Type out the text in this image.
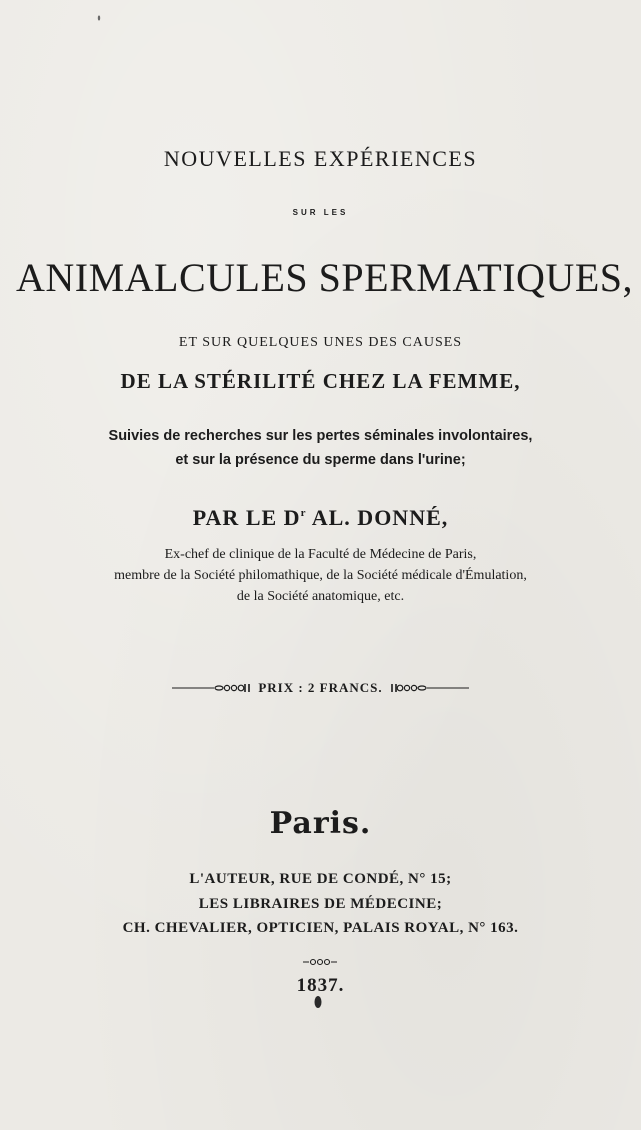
NOUVELLES EXPÉRIENCES
SUR LES
ANIMALCULES SPERMATIQUES,
ET SUR QUELQUES UNES DES CAUSES
DE LA STÉRILITÉ CHEZ LA FEMME,
Suivies de recherches sur les pertes séminales involontaires,
et sur la présence du sperme dans l'urine;
PAR LE $D^r$ AL. DONNÉ,
Ex-chef de clinique de la Faculté de Médecine de Paris,
membre de la Société philomathique, de la Société médicale d'Émulation,
de la Société anatomique, etc.
PRIX : 2 FRANCS.
Paris.
L'AUTEUR, RUE DE CONDÉ, N° 15;
LES LIBRAIRES DE MÉDECINE;
CH. CHEVALIER, OPTICIEN, PALAIS ROYAL, N° 163.
1837.
